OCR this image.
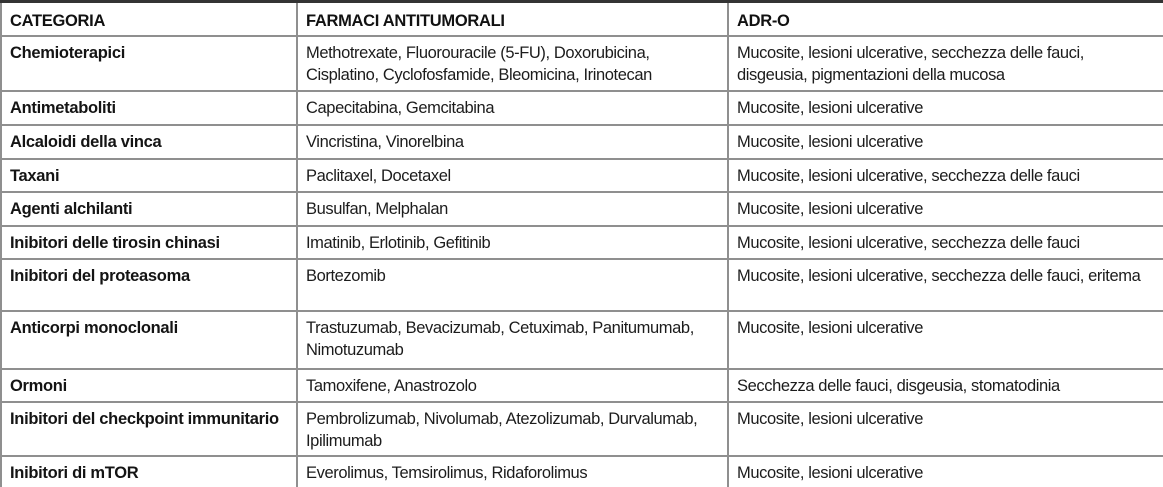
CATEGORIA	FARMACI ANTITUMORALI	ADR-O
Chemioterapici	Methotrexate, Fluorouracile (5-FU), Doxorubicina, Cisplatino, Cyclofosfamide, Bleomicina, Irinotecan	Mucosite, lesioni ulcerative, secchezza delle fauci, disgeusia, pigmentazioni della mucosa
Antimetaboliti	Capecitabina, Gemcitabina	Mucosite, lesioni ulcerative
Alcaloidi della vinca	Vincristina, Vinorelbina	Mucosite, lesioni ulcerative
Taxani	Paclitaxel, Docetaxel	Mucosite, lesioni ulcerative, secchezza delle fauci
Agenti alchilanti	Busulfan, Melphalan	Mucosite, lesioni ulcerative
Inibitori delle tirosin chinasi	Imatinib, Erlotinib, Gefitinib	Mucosite, lesioni ulcerative, secchezza delle fauci
Inibitori del proteasoma	Bortezomib	Mucosite, lesioni ulcerative, secchezza delle fauci, eritema
Anticorpi monoclonali	Trastuzumab, Bevacizumab, Cetuximab, Panitumumab, Nimotuzumab	Mucosite, lesioni ulcerative
Ormoni	Tamoxifene, Anastrozolo	Secchezza delle fauci, disgeusia, stomatodinia
Inibitori del checkpoint immunitario	Pembrolizumab, Nivolumab, Atezolizumab, Durvalumab, Ipilimumab	Mucosite, lesioni ulcerative
Inibitori di mTOR	Everolimus, Temsirolimus, Ridaforolimus	Mucosite, lesioni ulcerative
